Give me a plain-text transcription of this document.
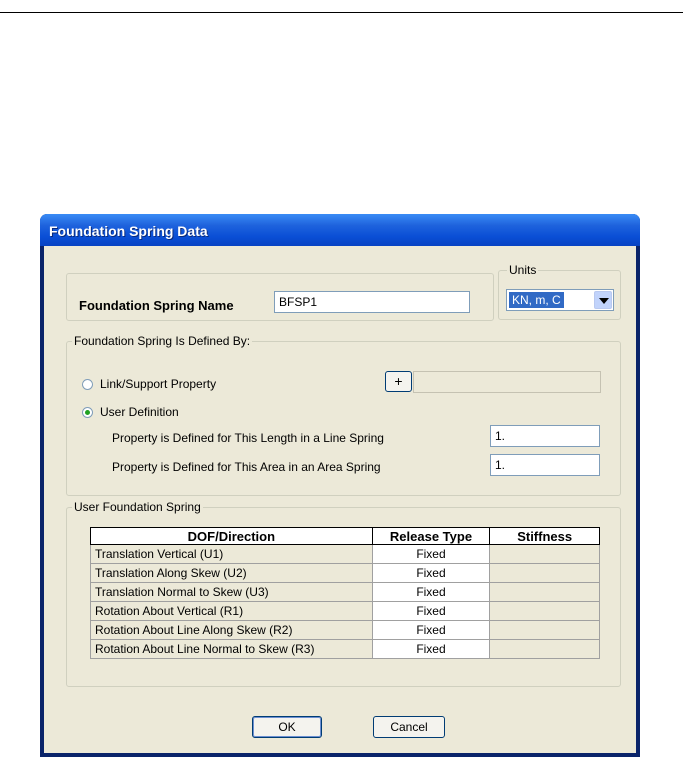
Foundation Spring Data
Foundation Spring Name	BFSP1
Units
KN, m, C
Foundation Spring Is Defined By:
Link/Support Property	+
User Definition
Property is Defined for This Length in a Line Spring	1.
Property is Defined for This Area in an Area Spring	1.
User Foundation Spring
DOF/Direction	Release Type	Stiffness
Translation Vertical (U1)	Fixed	
Translation Along Skew (U2)	Fixed	
Translation Normal to Skew (U3)	Fixed	
Rotation About Vertical (R1)	Fixed	
Rotation About Line Along Skew (R2)	Fixed	
Rotation About Line Normal to Skew (R3)	Fixed	
OK	Cancel
